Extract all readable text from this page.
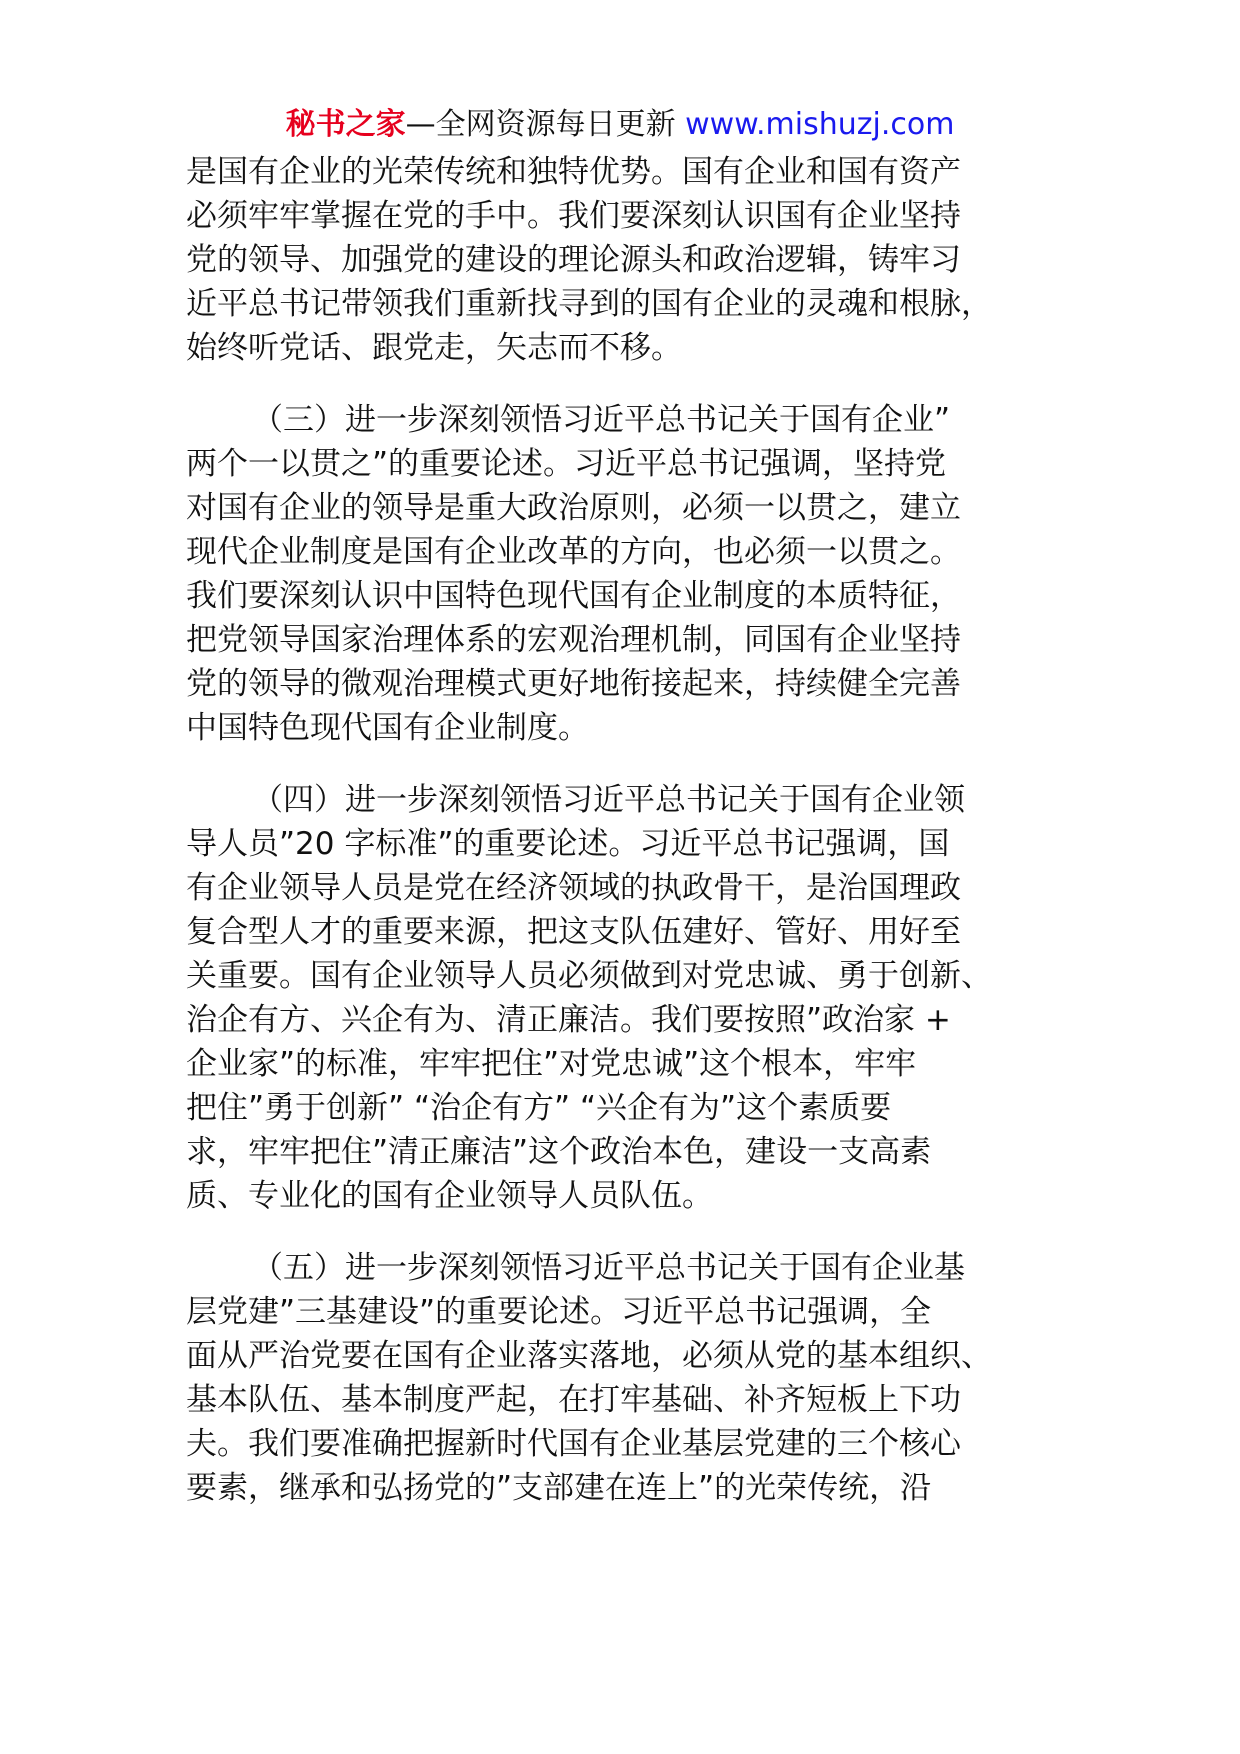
秘书之家—全网资源每日更新 www.mishuzj.com

是国有企业的光荣传统和独特优势。国有企业和国有资产
必须牢牢掌握在党的手中。我们要深刻认识国有企业坚持
党的领导、加强党的建设的理论源头和政治逻辑，铸牢习
近平总书记带领我们重新找寻到的国有企业的灵魂和根脉，
始终听党话、跟党走，矢志而不移。

（三）进一步深刻领悟习近平总书记关于国有企业”
两个一以贯之”的重要论述。习近平总书记强调，坚持党
对国有企业的领导是重大政治原则，必须一以贯之，建立
现代企业制度是国有企业改革的方向，也必须一以贯之。
我们要深刻认识中国特色现代国有企业制度的本质特征，
把党领导国家治理体系的宏观治理机制，同国有企业坚持
党的领导的微观治理模式更好地衔接起来，持续健全完善
中国特色现代国有企业制度。

（四）进一步深刻领悟习近平总书记关于国有企业领
导人员”20 字标准”的重要论述。习近平总书记强调，国
有企业领导人员是党在经济领域的执政骨干，是治国理政
复合型人才的重要来源，把这支队伍建好、管好、用好至
关重要。国有企业领导人员必须做到对党忠诚、勇于创新、
治企有方、兴企有为、清正廉洁。我们要按照”政治家 +
企业家”的标准，牢牢把住”对党忠诚”这个根本，牢牢
把住”勇于创新” “治企有方” “兴企有为”这个素质要
求，牢牢把住”清正廉洁”这个政治本色，建设一支高素
质、专业化的国有企业领导人员队伍。

（五）进一步深刻领悟习近平总书记关于国有企业基
层党建”三基建设”的重要论述。习近平总书记强调，全
面从严治党要在国有企业落实落地，必须从党的基本组织、
基本队伍、基本制度严起，在打牢基础、补齐短板上下功
夫。我们要准确把握新时代国有企业基层党建的三个核心
要素，继承和弘扬党的”支部建在连上”的光荣传统，沿
